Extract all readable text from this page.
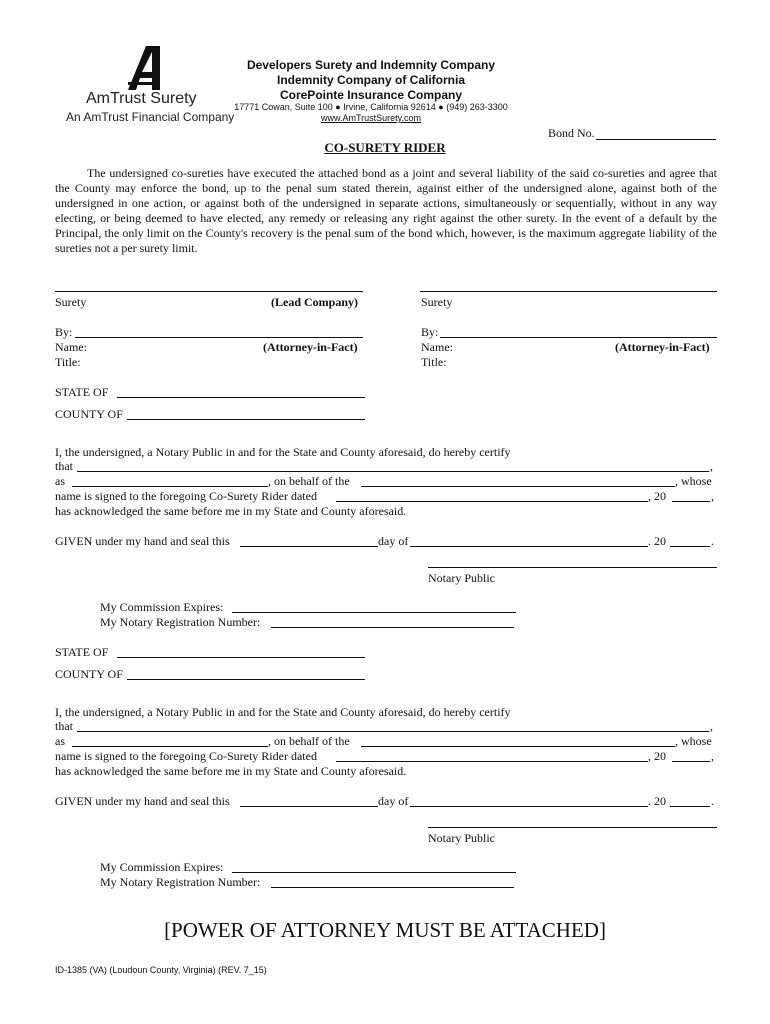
AmTrust Surety
An AmTrust Financial Company
Developers Surety and Indemnity Company
Indemnity Company of California
CorePointe Insurance Company
17771 Cowan, Suite 100 ● Irvine, California 92614 ● (949) 263-3300
www.AmTrustSurety.com
Bond No.
CO-SURETY RIDER
The undersigned co-sureties have executed the attached bond as a joint and several liability of the said co-sureties and agree that the County may enforce the bond, up to the penal sum stated therein, against either of the undersigned alone, against both of the undersigned in one action, or against both of the undersigned in separate actions, simultaneously or sequentially, without in any way electing, or being deemed to have elected, any remedy or releasing any right against the other surety. In the event of a default by the Principal, the only limit on the County's recovery is the penal sum of the bond which, however, is the maximum aggregate liability of the sureties not a per surety limit.
Surety	(Lead Company)	Surety
By:	By:
Name:	(Attorney-in-Fact)	Name:	(Attorney-in-Fact)
Title:	Title:
STATE OF
COUNTY OF
I, the undersigned, a Notary Public in and for the State and County aforesaid, do hereby certify
that	,
as	, on behalf of the	, whose
name is signed to the foregoing Co-Surety Rider dated	, 20	,
has acknowledged the same before me in my State and County aforesaid.
GIVEN under my hand and seal this	day of	. 20	.
Notary Public
My Commission Expires:
My Notary Registration Number:
STATE OF
COUNTY OF
I, the undersigned, a Notary Public in and for the State and County aforesaid, do hereby certify
that	,
as	, on behalf of the	, whose
name is signed to the foregoing Co-Surety Rider dated	, 20	,
has acknowledged the same before me in my State and County aforesaid.
GIVEN under my hand and seal this	day of	. 20	.
Notary Public
My Commission Expires:
My Notary Registration Number:
[POWER OF ATTORNEY MUST BE ATTACHED]
ID-1385 (VA) (Loudoun County, Virginia) (REV. 7_15)
